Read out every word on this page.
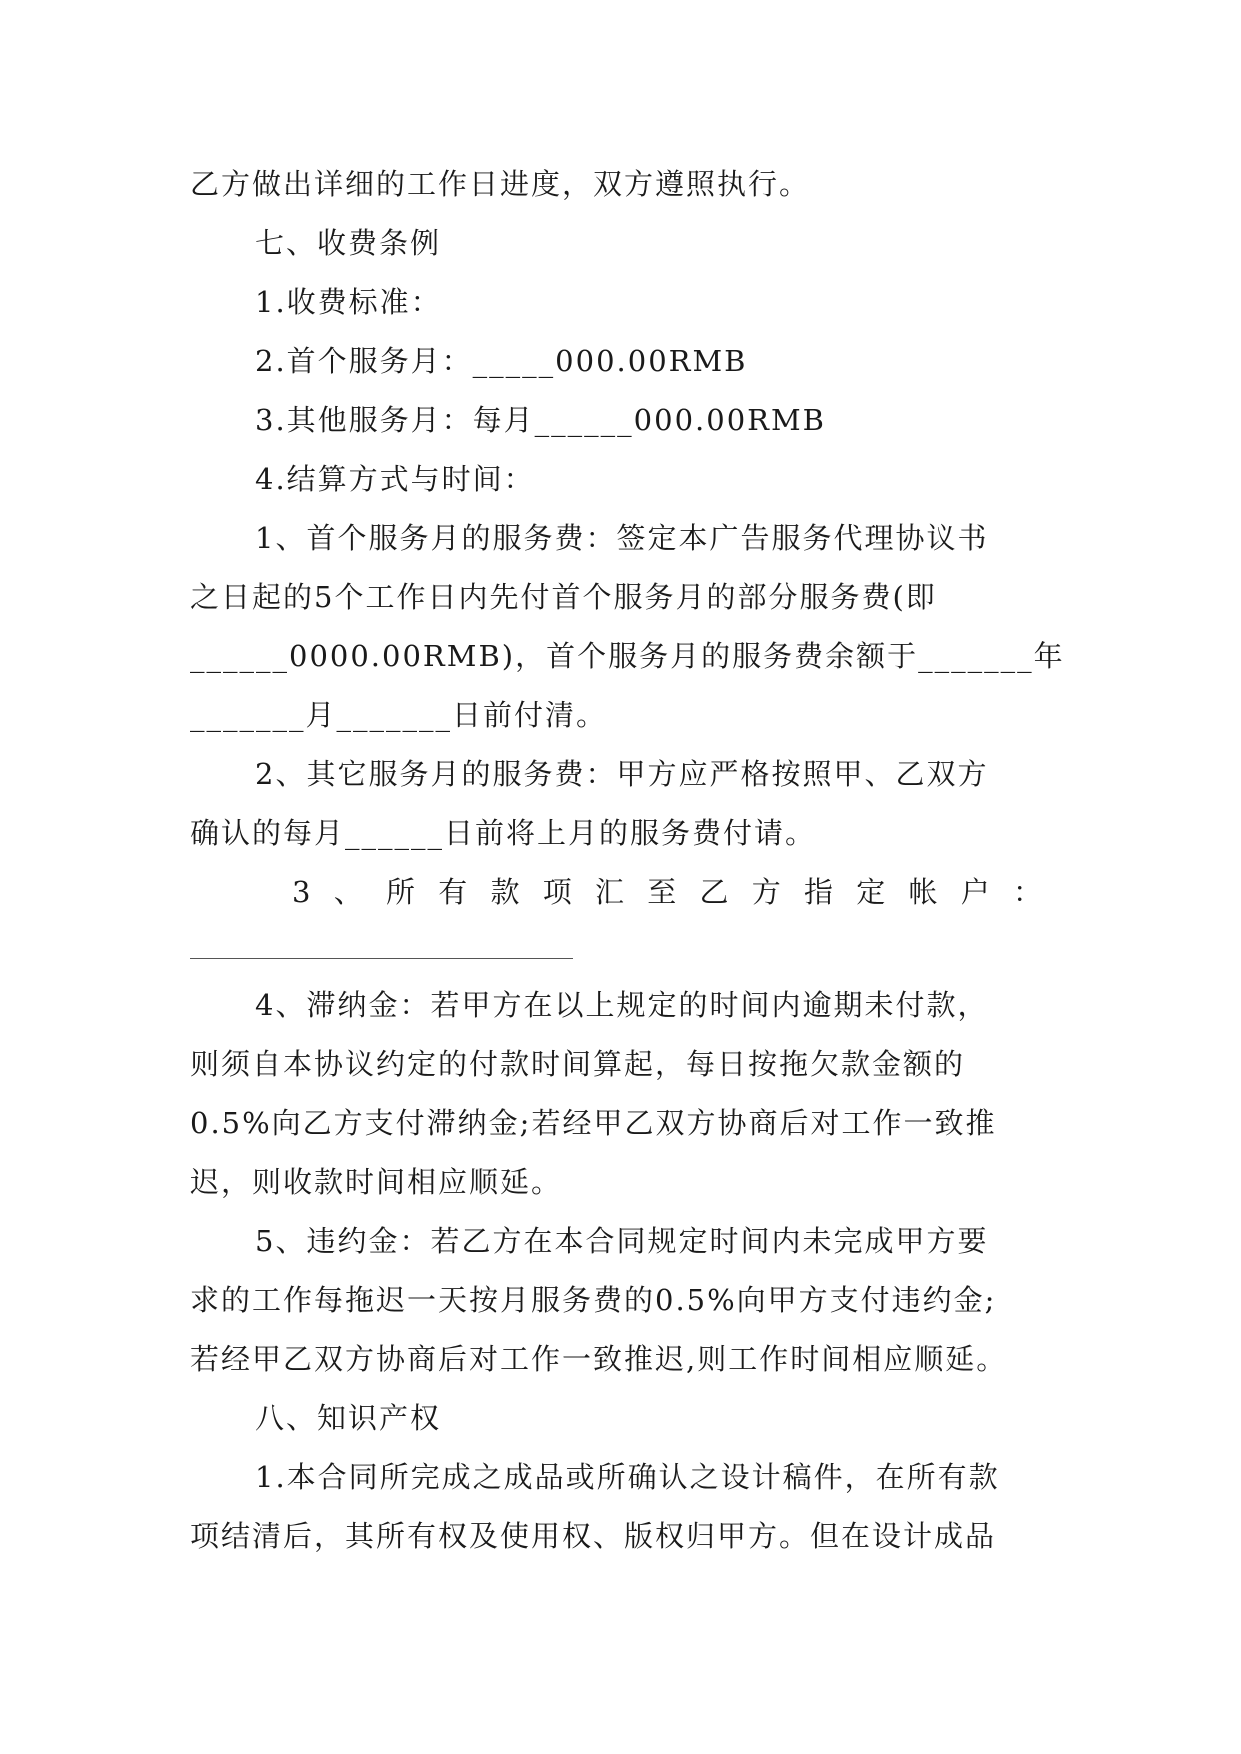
乙方做出详细的工作日进度，双方遵照执行。
七、收费条例
1.收费标准：
2.首个服务月：_____000.00RMB
3.其他服务月：每月______000.00RMB
4.结算方式与时间：
1、首个服务月的服务费：签定本广告服务代理协议书
之日起的5个工作日内先付首个服务月的部分服务费(即
______0000.00RMB)，首个服务月的服务费余额于_______年
_______月_______日前付清。
2、其它服务月的服务费：甲方应严格按照甲、乙双方
确认的每月______日前将上月的服务费付请。
3 、 所 有 款 项 汇 至 乙 方 指 定 帐 户 ：
4、滞纳金：若甲方在以上规定的时间内逾期未付款，
则须自本协议约定的付款时间算起，每日按拖欠款金额的
0.5%向乙方支付滞纳金;若经甲乙双方协商后对工作一致推
迟，则收款时间相应顺延。
5、违约金：若乙方在本合同规定时间内未完成甲方要
求的工作每拖迟一天按月服务费的0.5%向甲方支付违约金;
若经甲乙双方协商后对工作一致推迟,则工作时间相应顺延。
八、知识产权
1.本合同所完成之成品或所确认之设计稿件，在所有款
项结清后，其所有权及使用权、版权归甲方。但在设计成品
